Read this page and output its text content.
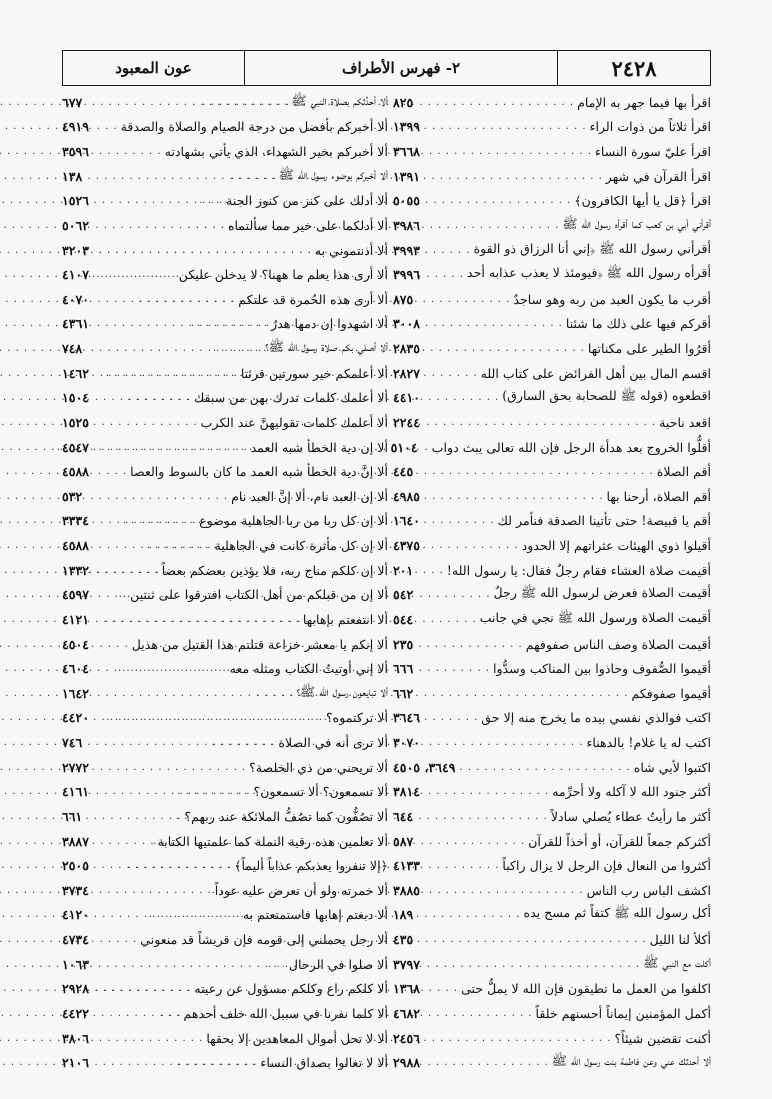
عون المعبود	٢- فهرس الأطراف	٢٤٢٨
اقرأ بها فيما جهر به الإمام
. . .
٨٢٥
اقرأ ثلاثاً من ذوات الراء
. . .
١٣٩٩
اقرأ عليّ سورة النساء
. . .
٣٦٦٨
اقرأ القرآن في شهر
. . .
١٣٩١
اقرأ ﴿قل يا أيها الكافرون﴾
. . .
٥٠٥٥
أقرأني أبي بن كعب كما أقرأه رسول الله ﷺ
. . .
٣٩٨٦
أقرأني رسول الله ﷺ ﴿إني أنا الرزاق ذو القوة
. . .
٣٩٩٣
أقرأه رسول الله ﷺ ﴿فيومئذ لا يعذب عذابه أحد
. . .
٣٩٩٦
أقرب ما يكون العبد من ربه وهو ساجدٌ
. . .
٨٧٥
أقركم فيها على ذلك ما شئنا
. . .
٣٠٠٨
أقرُوا الطير على مكناتها
. . .
٢٨٣٥
اقسم المال بين أهل الفرائض على كتاب الله
. . .
٢٨٢٧
اقطعوه (قوله ﷺ للصحابة بحق السارق)
. . .
٤٤١٠
اقعد ناحية
. . .
٢٢٤٤
أقلُّوا الخروج بعد هدأة الرجل فإن الله تعالى يبث دواب
. . .
٥١٠٤
أقم الصلاة
. . .
٤٤٥
أقم الصلاة، أرحنا بها
. . .
٤٩٨٥
أقم يا قبيصة! حتى تأتينا الصدقة فنأمر لك
. . .
١٦٤٠
أقيلوا ذوي الهيئات عثراتهم إلا الحدود
. . .
٤٣٧٥
أقيمت صلاة العشاء فقام رجلٌ فقال: يا رسول الله!
. . .
٢٠١
أقيمت الصلاة فعرض لرسول الله ﷺ رجلٌ
. . .
٥٤٢
أقيمت الصلاة ورسول الله ﷺ نجي في جانب
. . .
٥٤٤
أقيمت الصلاة وصف الناس صفوفهم
. . .
٢٣٥
أقيموا الصُّفوف وحاذوا بين المناكب وسدُّوا
. . .
٦٦٦
أقيموا صفوفكم
. . .
٦٦٢
اكتب فوالذي نفسي بيده ما يخرج منه إلا حق
. . .
٣٦٤٦
اكتب له يا غلام! بالدهناء
. . .
٣٠٧٠
اكتبوا لأبي شاه
. . .
٣٦٤٩، ٤٥٠٥
أكثر جنود الله لا آكله ولا أحرِّمه
. . .
٣٨١٤
أكثر ما رأيتُ عطاء يُصلي سادلاً
. . .
٦٤٤
أكثركم جمعاً للقرآن، أو أخذاً للقرآن
. . .
٥٨٧
أكثروا من النعال فإن الرجل لا يزال راكباً
. . .
٤١٣٣
اكشف الباس رب الناس
. . .
٣٨٨٥
أكل رسول الله ﷺ كتفاً ثم مسح يده
. . .
١٨٩
أكلأ لنا الليل
. . .
٤٣٥
أكلت مع النبي ﷺ
. . .
٣٧٩٧
اكلفوا من العمل ما تطيقون فإن الله لا يملُّ حتى
. . .
١٣٦٨
أكمل المؤمنين إيماناً أحسنهم خلقاً
. . .
٤٦٨٢
أكنت تقضين شيئاً؟
. . .
٢٤٥٦
ألا أحدثك عني وعن فاطمة بنت رسول الله ﷺ
. . .
٢٩٨٨
ألا أحدِّثكم بصلاة النبي ﷺ
. . .
٦٧٧
ألا أخبركم بأفضل من درجة الصيام والصلاة والصدقة
. . .
٤٩١٩
ألا أخبركم بخير الشهداء. الذي يأتي بشهادته
. . .
٣٥٩٦
ألا أخبركم بوضوء رسول الله ﷺ
. . .
١٣٨
ألا أدلك على كنز من كنوز الجنة
. . .
١٥٢٦
ألا أدلكما على خير مما سألتماه
. . .
٥٠٦٢
ألا أذنتموني به
. . .
٣٢٠٣
ألا أرى هذا يعلم ما ههنا؟ لا يدخلن عليكن
. . .
٤١٠٧
ألا أرى هذه الحُمرة قد علتكم
. . .
٤٠٧٠
ألا اشهدوا إن دمها هدرٌ
. . .
٤٣٦١
ألا أصلي بكم صلاة رسول الله ﷺ؟
. . .
٧٤٨
ألا أعلمكم خير سورتين قرئتا
. . .
١٤٦٢
ألا أعلمك كلمات تدرك بهن من سبقك
. . .
١٥٠٤
ألا أعلمك كلمات تقوليهنَّ عند الكرب
. . .
١٥٢٥
ألا إن دية الخطأ شبه العمد
. . .
٤٥٤٧
ألا إنَّ دية الخطأ شبه العمد ما كان بالسوط والعصا
. . .
٤٥٨٨
ألا إن العبد نام، ألا إنَّ العبد نام
. . .
٥٣٢
ألا إن كل ربا من ربا الجاهلية موضوع
. . .
٣٣٣٤
ألا إن كل مأثرة كانت في الجاهلية
. . .
٤٥٨٨
ألا إن كلكم مناج ربه، فلا يؤذين بعضكم بعضاً
. . .
١٣٣٢
ألا إن من قبلكم من أهل الكتاب افترقوا على ثنتين
. . .
٤٥٩٧
ألا انتفعتم بإهابها
. . .
٤١٢١
ألا إنكم يا معشر خزاعة قتلتم هذا القتيل من هذيل
. . .
٤٥٠٤
ألا إني أوتيتُ الكتاب ومثله معه
. . .
٤٦٠٤
ألا تبايعون رسول الله ﷺ؟
. . .
١٦٤٢
ألا تركتموه؟
. . .
٤٤٢٠
ألا ترى أنه في الصلاة
. . .
٧٤٦
ألا تريحني من ذي الخلصة؟
. . .
٢٧٧٢
ألا تسمعون؟ ألا تسمعون؟
. . .
٤١٦١
ألا تصُفُّون كما تصُفُّ الملائكة عند ربهم؟
. . .
٦٦١
ألا تعلمين هذه رقية النملة كما علمتيها الكتابة
. . .
٣٨٨٧
﴿إلا تنفروا يعذبكم عذاباً أليماً﴾
. . .
٢٥٠٥
ألا خمرته ولو أن تعرض عليه عوداً
. . .
٣٧٣٤
ألا دبغتم إهابها فاستمتعتم به
. . .
٤١٢٠
ألا رجل يحملني إلى قومه فإن قريشاً قد منعوني
. . .
٤٧٣٤
ألا صلوا في الرحال
. . .
١٠٦٣
ألا كلكم راع وكلكم مسؤول عن رعيته
. . .
٢٩٢٨
ألا كلما نفرنا في سبيل الله خلف أحدهم
. . .
٤٤٢٢
ألا لا تحل أموال المعاهدين إلا بحقها
. . .
٣٨٠٦
ألا لا تغالوا بصداق النساء
. . .
٢١٠٦
